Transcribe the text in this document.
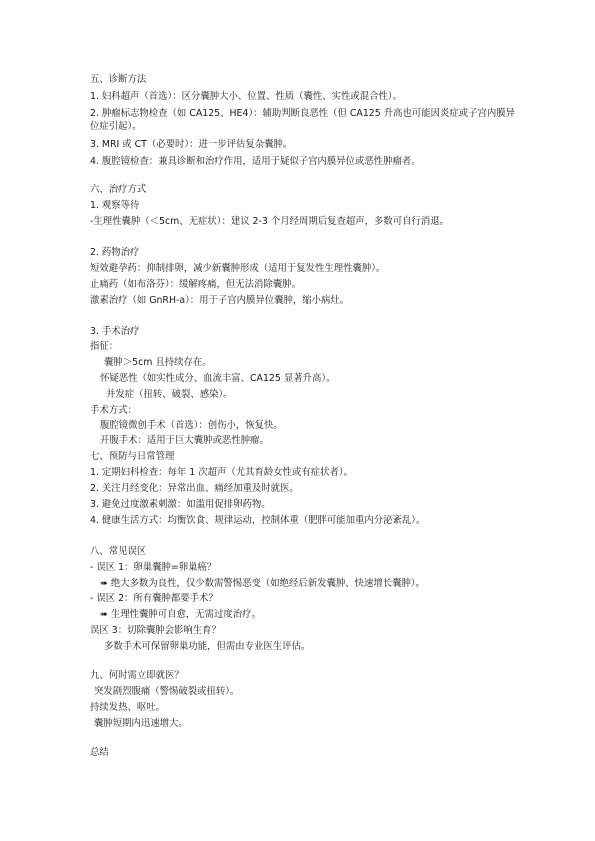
五、诊断方法
1. 妇科超声（首选）：区分囊肿大小、位置、性质（囊性、实性或混合性）。
2. 肿瘤标志物检查（如 CA125、HE4）：辅助判断良恶性（但 CA125 升高也可能因炎症或子宫内膜异位症引起）。
3. MRI 或 CT（必要时）：进一步评估复杂囊肿。
4. 腹腔镜检查：兼具诊断和治疗作用，适用于疑似子宫内膜异位或恶性肿瘤者。
六、治疗方式
1. 观察等待
-生理性囊肿（＜5cm、无症状）：建议 2-3 个月经周期后复查超声，多数可自行消退。
2. 药物治疗
短效避孕药：抑制排卵，减少新囊肿形成（适用于复发性生理性囊肿）。
止痛药（如布洛芬）：缓解疼痛，但无法消除囊肿。
激素治疗（如 GnRH-a）：用于子宫内膜异位囊肿，缩小病灶。
3. 手术治疗
指征：
囊肿＞5cm 且持续存在。
怀疑恶性（如实性成分、血流丰富、CA125 显著升高）。
并发症（扭转、破裂、感染）。
手术方式：
腹腔镜微创手术（首选）：创伤小，恢复快。
开腹手术：适用于巨大囊肿或恶性肿瘤。
七、预防与日常管理
1. 定期妇科检查：每年 1 次超声（尤其育龄女性或有症状者）。
2. 关注月经变化：异常出血、痛经加重及时就医。
3. 避免过度激素刺激：如滥用促排卵药物。
4. 健康生活方式：均衡饮食、规律运动，控制体重（肥胖可能加重内分泌紊乱）。
八、常见误区
- 误区 1：卵巢囊肿=卵巢癌？
➠ 绝大多数为良性，仅少数需警惕恶变（如绝经后新发囊肿、快速增长囊肿）。
- 误区 2：所有囊肿都要手术？
➠ 生理性囊肿可自愈，无需过度治疗。
误区 3：切除囊肿会影响生育？
多数手术可保留卵巢功能，但需由专业医生评估。
九、何时需立即就医？
突发剧烈腹痛（警惕破裂或扭转）。
持续发热、呕吐。
囊肿短期内迅速增大。
总结
